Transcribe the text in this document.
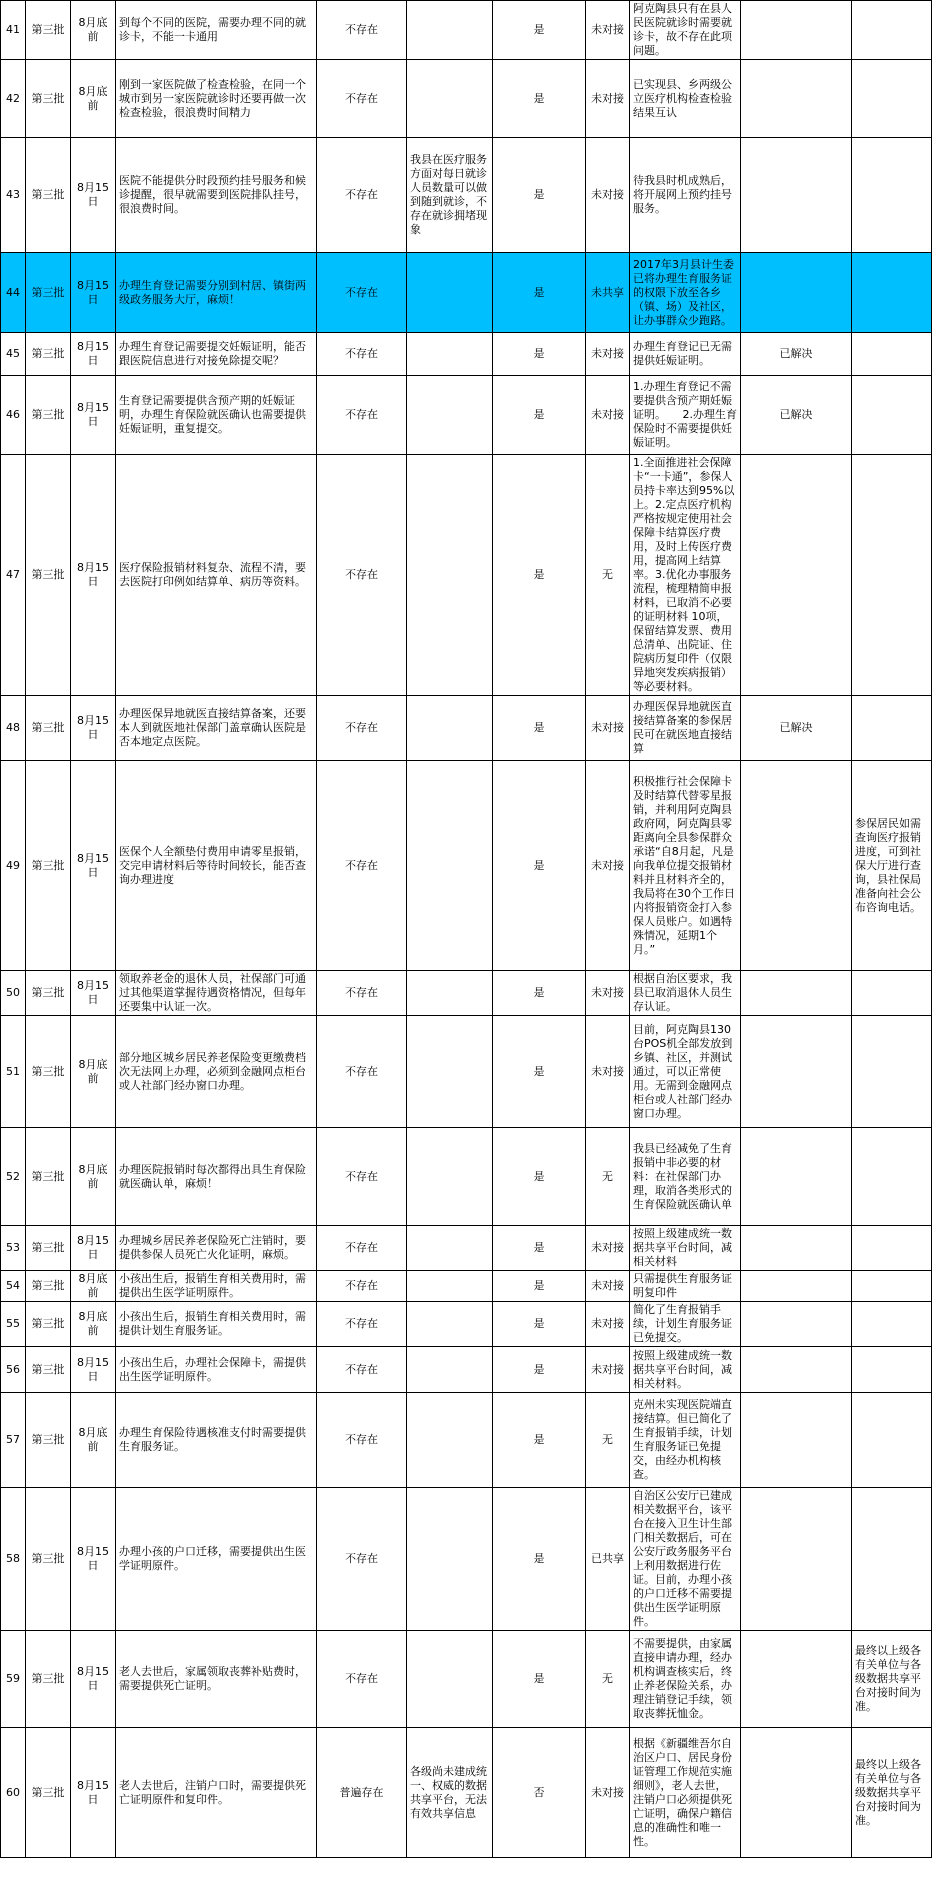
41	第三批	8月底前	到每个不同的医院，需要办理不同的就诊卡，不能一卡通用	不存在		是	未对接	阿克陶县只有在县人民医院就诊时需要就诊卡，故不存在此项问题。		
42	第三批	8月底前	刚到一家医院做了检查检验，在同一个城市到另一家医院就诊时还要再做一次检查检验，很浪费时间精力	不存在		是	未对接	已实现县、乡两级公立医疗机构检查检验结果互认		
43	第三批	8月15日	医院不能提供分时段预约挂号服务和候诊提醒，很早就需要到医院排队挂号，很浪费时间。	不存在	我县在医疗服务方面对每日就诊人员数量可以做到随到就诊，不存在就诊拥堵现象	是	未对接	待我县时机成熟后，将开展网上预约挂号服务。		
44	第三批	8月15日	办理生育登记需要分别到村居、镇街两级政务服务大厅，麻烦！	不存在		是	未共享	2017年3月县计生委已将办理生育服务证的权限下放至各乡（镇、场）及社区，让办事群众少跑路。		
45	第三批	8月15日	办理生育登记需要提交妊娠证明，能否跟医院信息进行对接免除提交呢？	不存在		是	未对接	办理生育登记已无需提供妊娠证明。	已解决	
46	第三批	8月15日	生育登记需要提供含预产期的妊娠证明，办理生育保险就医确认也需要提供妊娠证明，重复提交。	不存在		是	未对接	1.办理生育登记不需要提供含预产期妊娠证明。　　2.办理生育保险时不需要提供妊娠证明。	已解决	
47	第三批	8月15日	医疗保险报销材料复杂、流程不清，要去医院打印例如结算单、病历等资料。	不存在		是	无	1.全面推进社会保障卡“一卡通”，参保人员持卡率达到95%以上。2.定点医疗机构严格按规定使用社会保障卡结算医疗费用，及时上传医疗费用，提高网上结算率。3.优化办事服务流程，梳理精简申报材料，已取消不必要的证明材料 10项，保留结算发票、费用总清单、出院证、住院病历复印件（仅限异地突发疾病报销）等必要材料。		
48	第三批	8月15日	办理医保异地就医直接结算备案，还要本人到就医地社保部门盖章确认医院是否本地定点医院。	不存在		是	未对接	办理医保异地就医直接结算备案的参保居民可在就医地直接结算	已解决	
49	第三批	8月15日	医保个人全额垫付费用申请零星报销，交完申请材料后等待时间较长，能否查询办理进度	不存在		是	未对接	积极推行社会保障卡及时结算代替零星报销，并利用阿克陶县政府网，阿克陶县零距离向全县参保群众承诺“自8月起，凡是向我单位提交报销材料并且材料齐全的，我局将在30个工作日内将报销资金打入参保人员账户。如遇特殊情况，延期1个月。”		参保居民如需查询医疗报销进度，可到社保大厅进行查询，县社保局准备向社会公布咨询电话。
50	第三批	8月15日	领取养老金的退休人员，社保部门可通过其他渠道掌握待遇资格情况，但每年还要集中认证一次。	不存在		是	未对接	根据自治区要求，我县已取消退休人员生存认证。		
51	第三批	8月底前	部分地区城乡居民养老保险变更缴费档次无法网上办理，必须到金融网点柜台或人社部门经办窗口办理。	不存在		是	未对接	目前，阿克陶县130台POS机全部发放到乡镇、社区，并测试通过，可以正常使用。无需到金融网点柜台或人社部门经办窗口办理。		
52	第三批	8月底前	办理医院报销时每次都得出具生育保险就医确认单，麻烦！	不存在		是	无	我县已经减免了生育报销中非必要的材料：在社保部门办理，取消各类形式的生育保险就医确认单		
53	第三批	8月15日	办理城乡居民养老保险死亡注销时，要提供参保人员死亡火化证明，麻烦。	不存在		是	未对接	按照上级建成统一数据共享平台时间，减相关材料		
54	第三批	8月底前	小孩出生后，报销生育相关费用时，需提供出生医学证明原件。	不存在		是	未对接	只需提供生育服务证明复印件		
55	第三批	8月底前	小孩出生后，报销生育相关费用时，需提供计划生育服务证。	不存在		是	未对接	简化了生育报销手续，计划生育服务证已免提交。		
56	第三批	8月15日	小孩出生后，办理社会保障卡，需提供出生医学证明原件。	不存在		是	未对接	按照上级建成统一数据共享平台时间，减相关材料。		
57	第三批	8月底前	办理生育保险待遇核准支付时需要提供生育服务证。	不存在		是	无	克州未实现医院端直接结算。但已简化了生育报销手续，计划生育服务证已免提交，由经办机构核查。		
58	第三批	8月15日	办理小孩的户口迁移，需要提供出生医学证明原件。	不存在		是	已共享	自治区公安厅已建成相关数据平台，该平台在接入卫生计生部门相关数据后，可在公安厅政务服务平台上利用数据进行佐证。目前，办理小孩的户口迁移不需要提供出生医学证明原件。		
59	第三批	8月15日	老人去世后，家属领取丧葬补贴费时，需要提供死亡证明。	不存在		是	无	不需要提供，由家属直接申请办理，经办机构调查核实后，终止养老保险关系，办理注销登记手续，领取丧葬抚恤金。		最终以上级各有关单位与各级数据共享平台对接时间为准。
60	第三批	8月15日	老人去世后，注销户口时，需要提供死亡证明原件和复印件。	普遍存在	各级尚未建成统一、权威的数据共享平台，无法有效共享信息	否	未对接	根据《新疆维吾尔自治区户口、居民身份证管理工作规范实施细则》，老人去世，注销户口必须提供死亡证明，确保户籍信息的准确性和唯一性。		最终以上级各有关单位与各级数据共享平台对接时间为准。
